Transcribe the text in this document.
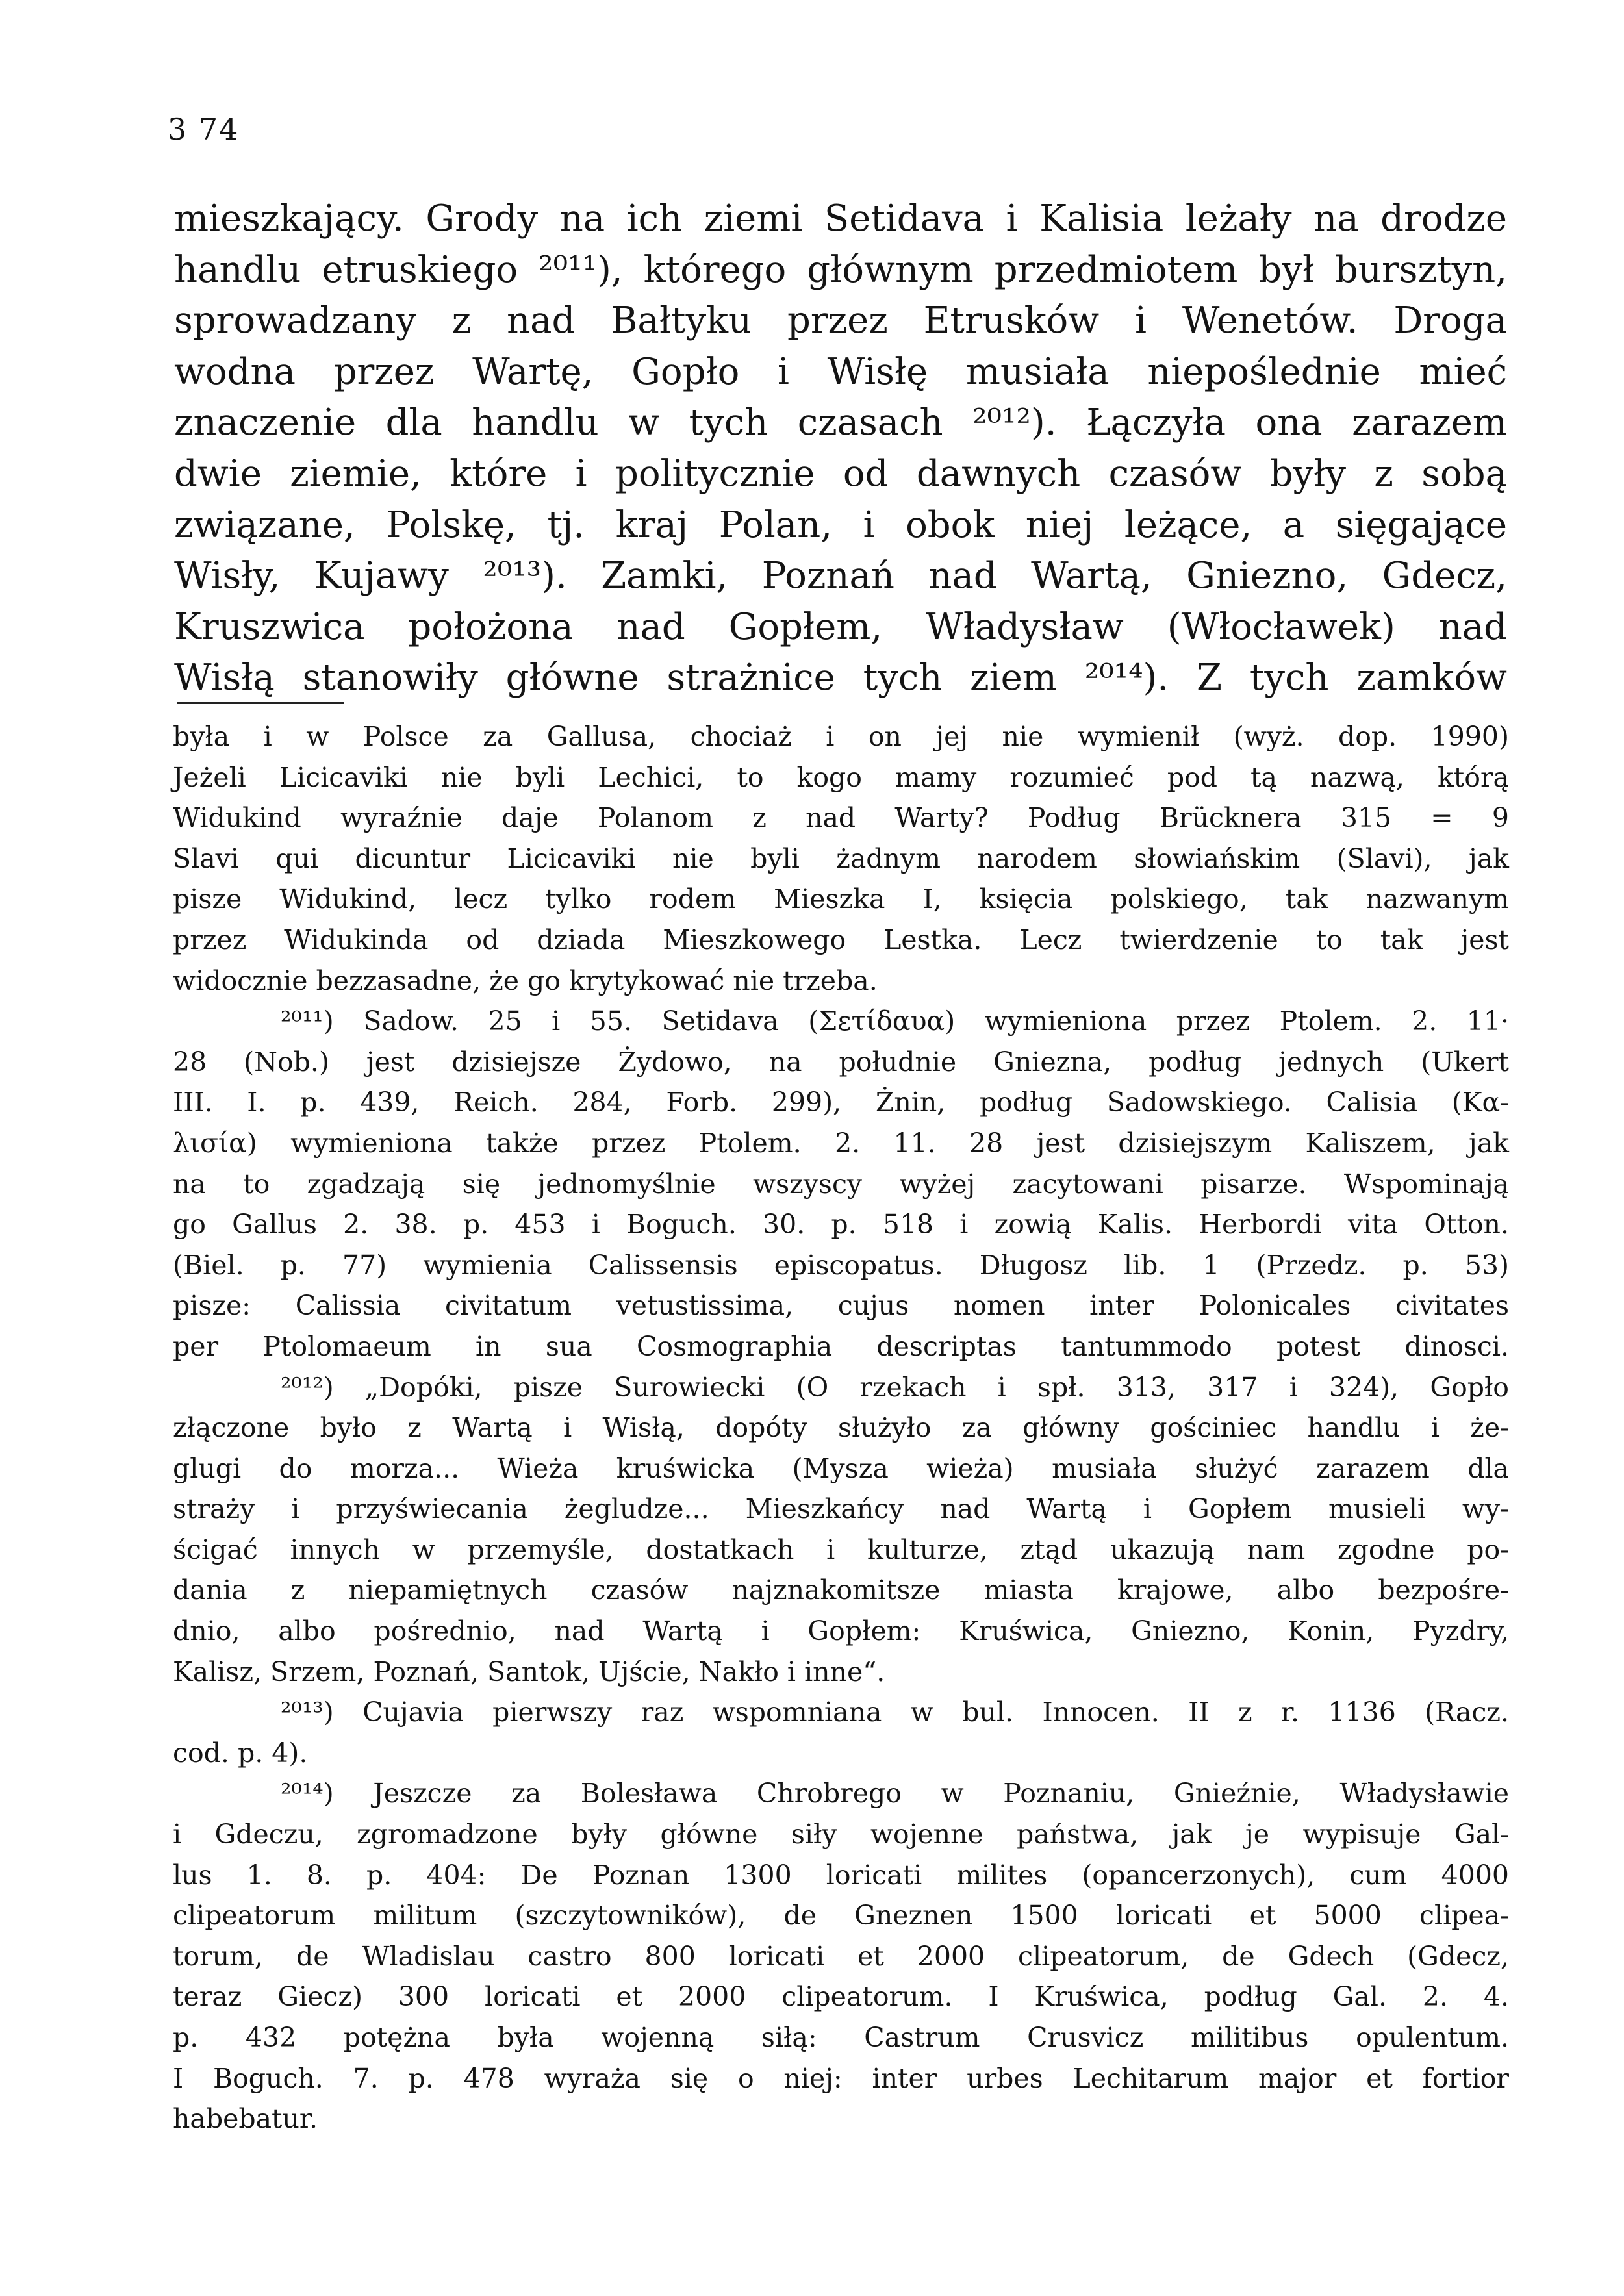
3 74
mieszkający. Grody na ich ziemi Setidava i Kalisia leżały na drodze
handlu etruskiego ²⁰¹¹), którego głównym przedmiotem był bursztyn,
sprowadzany z nad Bałtyku przez Etrusków i Wenetów. Droga
wodna przez Wartę, Gopło i Wisłę musiała niepośledniе mieć
znaczenie dla handlu w tych czasach ²⁰¹²). Łączyła ona zarazem
dwie ziemie, które i politycznie od dawnych czasów były z sobą
związane, Polskę, tj. kraj Polan, i obok niej leżące, a sięgające
Wisły, Kujawy ²⁰¹³). Zamki, Poznań nad Wartą, Gniezno, Gdecz,
Kruszwica położona nad Gopłem, Władysław (Włocławek) nad
Wisłą stanowiły główne strażnice tych ziem ²⁰¹⁴). Z tych zamków
była i w Polsce za Gallusa, chociaż i on jej nie wymienił (wyż. dop. 1990)
Jeżeli Licicaviki nie byli Lechici, to kogo mamy rozumieć pod tą nazwą, którą
Widukind wyraźnie daje Polanom z nad Warty? Podług Brücknera 315 = 9
Slavi qui dicuntur Licicaviki nie byli żadnym narodem słowiańskim (Slavi), jak
pisze Widukind, lecz tylko rodem Mieszka I, księcia polskiego, tak nazwanym
przez Widukinda od dziada Mieszkowego Lestka. Lecz twierdzenie to tak jest
widocznie bezzasadne, że go krytykować nie trzeba.
²⁰¹¹) Sadow. 25 i 55. Setidava (Σετίδαυα) wymieniona przez Ptolem. 2. 11·
28 (Nob.) jest dzisiejsze Żydowo, na południe Gniezna, podług jednych (Ukert
III. I. p. 439, Reich. 284, Forb. 299), Żnin, podług Sadowskiego. Calisia (Κα-
λισία) wymieniona także przez Ptolem. 2. 11. 28 jest dzisiejszym Kaliszem, jak
na to zgadzają się jednomyślnie wszyscy wyżej zacytowani pisarze. Wspominają
go Gallus 2. 38. p. 453 i Boguch. 30. p. 518 i zowią Kalis. Herbordi vita Otton.
(Biel. p. 77) wymienia Calissensis episcopatus. Długosz lib. 1 (Przedz. p. 53)
pisze: Calissia civitatum vetustissima, cujus nomen inter Polonicales civitates
per Ptolomaeum in sua Cosmographia descriptas tantummodo potest dinosci.
²⁰¹²) „Dopóki, pisze Surowiecki (O rzekach i spł. 313, 317 i 324), Gopło
złączone było z Wartą i Wisłą, dopóty służyło za główny gościniec handlu i że-
glugi do morza... Wieża kruświcka (Mysza wieża) musiała służyć zarazem dla
straży i przyświecania żegludze... Mieszkańcy nad Wartą i Gopłem musieli wy-
ścigać innych w przemyśle, dostatkach i kulturze, ztąd ukazują nam zgodne po-
dania z niepamiętnych czasów najznakomitsze miasta krajowe, albo bezpośre-
dnio, albo pośrednio, nad Wartą i Gopłem: Kruświca, Gniezno, Konin, Pyzdry,
Kalisz, Srzem, Poznań, Santok, Ujście, Nakło i inne“.
²⁰¹³) Cujavia pierwszy raz wspomniana w bul. Innocen. II z r. 1136 (Racz.
cod. p. 4).
²⁰¹⁴) Jeszcze za Bolesława Chrobrego w Poznaniu, Gnieźnie, Władysławie
i Gdeczu, zgromadzone były główne siły wojenne państwa, jak je wypisuje Gal-
lus 1. 8. p. 404: De Poznan 1300 loricati milites (opancerzonych), cum 4000
clipeatorum militum (szczytowników), de Gneznen 1500 loricati et 5000 clipea-
torum, de Wladislau castro 800 loricati et 2000 clipeatorum, de Gdech (Gdecz,
teraz Giecz) 300 loricati et 2000 clipeatorum. I Kruświca, podług Gal. 2. 4.
p. 432 potężna była wojenną siłą: Castrum Crusvicz militibus opulentum.
I Boguch. 7. p. 478 wyraża się o niej: inter urbes Lechitarum major et fortior
habebatur.
